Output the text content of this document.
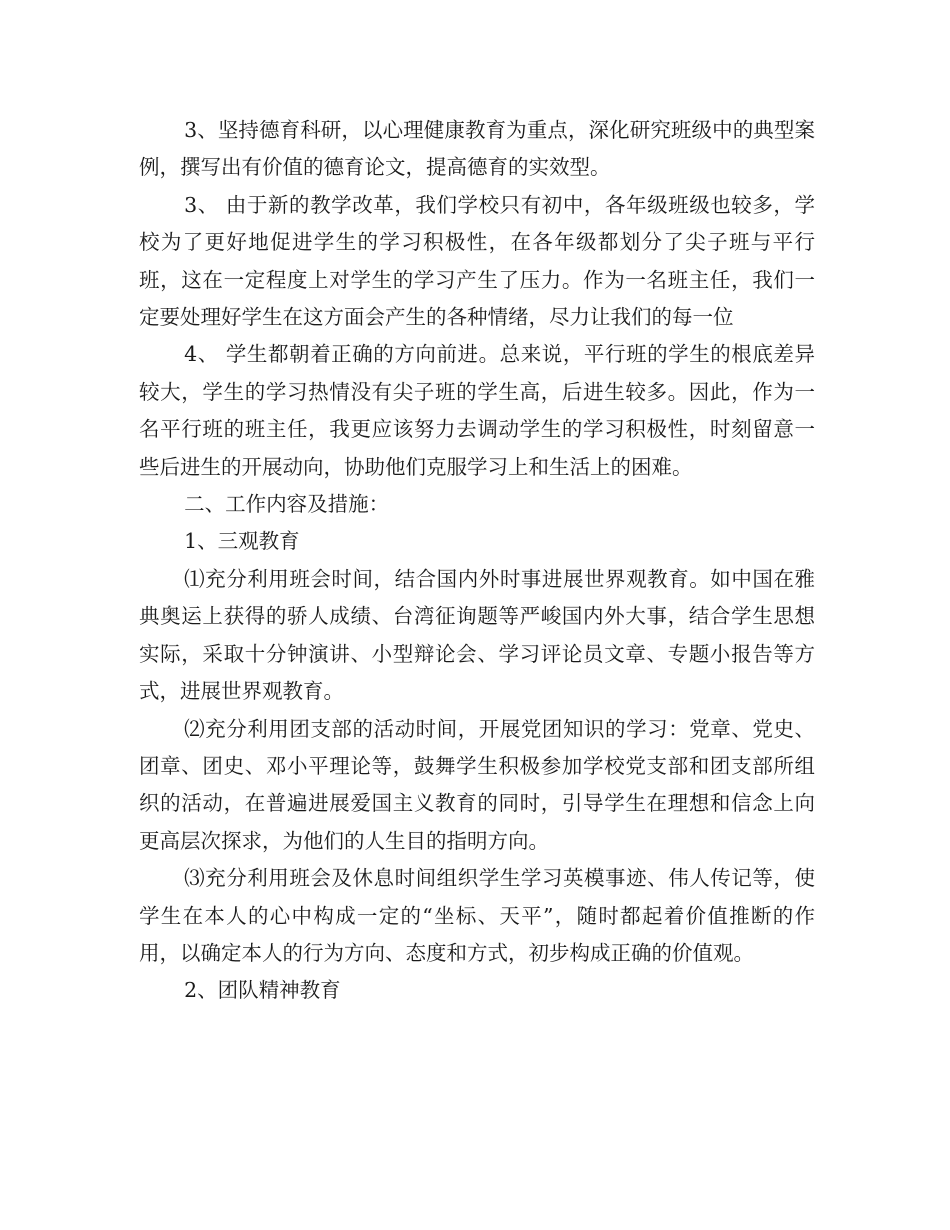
3、坚持德育科研，以心理健康教育为重点，深化研究班级中的典型案例，撰写出有价值的德育论文，提高德育的实效型。

3、 由于新的教学改革，我们学校只有初中，各年级班级也较多，学校为了更好地促进学生的学习积极性，在各年级都划分了尖子班与平行班，这在一定程度上对学生的学习产生了压力。作为一名班主任，我们一定要处理好学生在这方面会产生的各种情绪，尽力让我们的每一位

4、 学生都朝着正确的方向前进。总来说，平行班的学生的根底差异较大，学生的学习热情没有尖子班的学生高，后进生较多。因此，作为一名平行班的班主任，我更应该努力去调动学生的学习积极性，时刻留意一些后进生的开展动向，协助他们克服学习上和生活上的困难。

二、工作内容及措施：

1、三观教育

⑴充分利用班会时间，结合国内外时事进展世界观教育。如中国在雅典奥运上获得的骄人成绩、台湾征询题等严峻国内外大事，结合学生思想实际，采取十分钟演讲、小型辩论会、学习评论员文章、专题小报告等方式，进展世界观教育。

⑵充分利用团支部的活动时间，开展党团知识的学习：党章、党史、团章、团史、邓小平理论等，鼓舞学生积极参加学校党支部和团支部所组织的活动，在普遍进展爱国主义教育的同时，引导学生在理想和信念上向更高层次探求，为他们的人生目的指明方向。

⑶充分利用班会及休息时间组织学生学习英模事迹、伟人传记等，使学生在本人的心中构成一定的“坐标、天平”，随时都起着价值推断的作用，以确定本人的行为方向、态度和方式，初步构成正确的价值观。

2、团队精神教育
